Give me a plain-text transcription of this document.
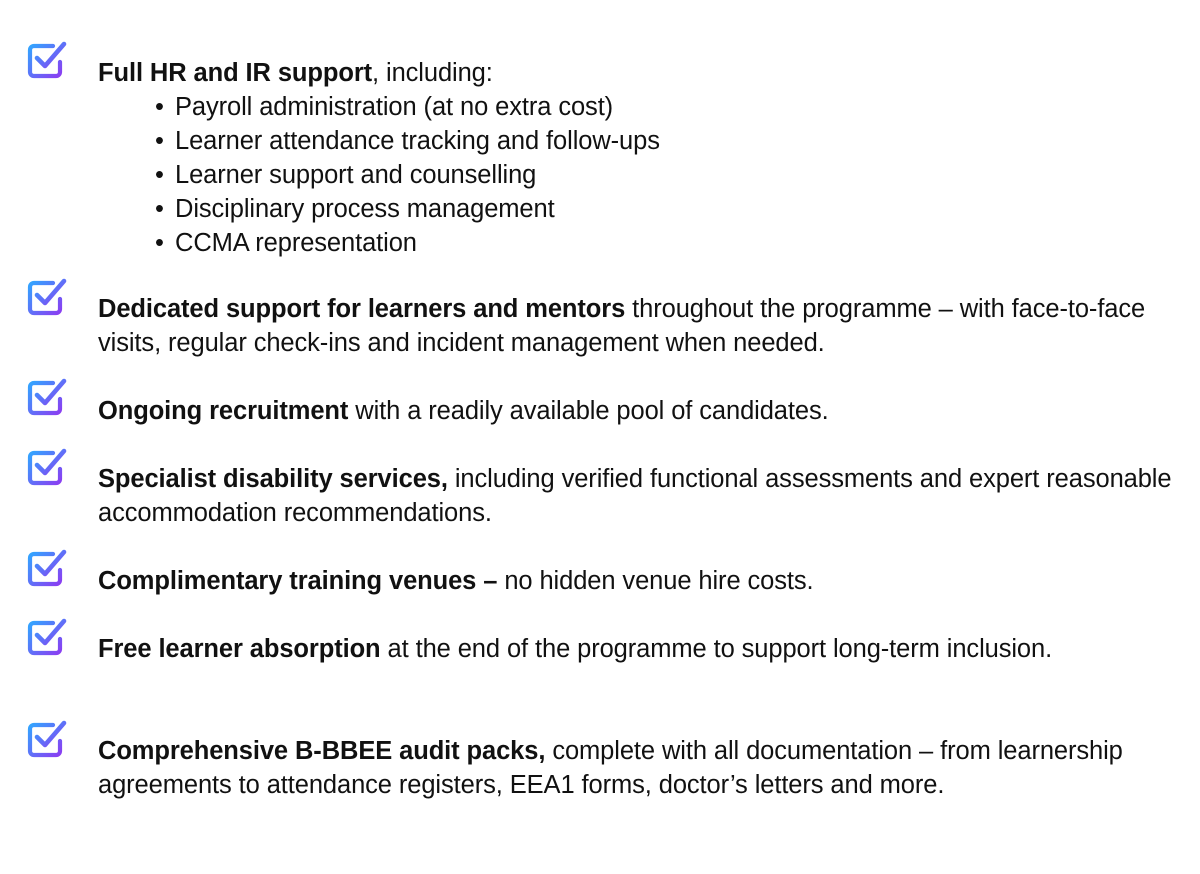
Full HR and IR support, including:
• Payroll administration (at no extra cost)
• Learner attendance tracking and follow-ups
• Learner support and counselling
• Disciplinary process management
• CCMA representation
Dedicated support for learners and mentors throughout the programme – with face-to-face visits, regular check-ins and incident management when needed.
Ongoing recruitment with a readily available pool of candidates.
Specialist disability services, including verified functional assessments and expert reasonable accommodation recommendations.
Complimentary training venues – no hidden venue hire costs.
Free learner absorption at the end of the programme to support long-term inclusion.
Comprehensive B-BBEE audit packs, complete with all documentation – from learnership agreements to attendance registers, EEA1 forms, doctor’s letters and more.
